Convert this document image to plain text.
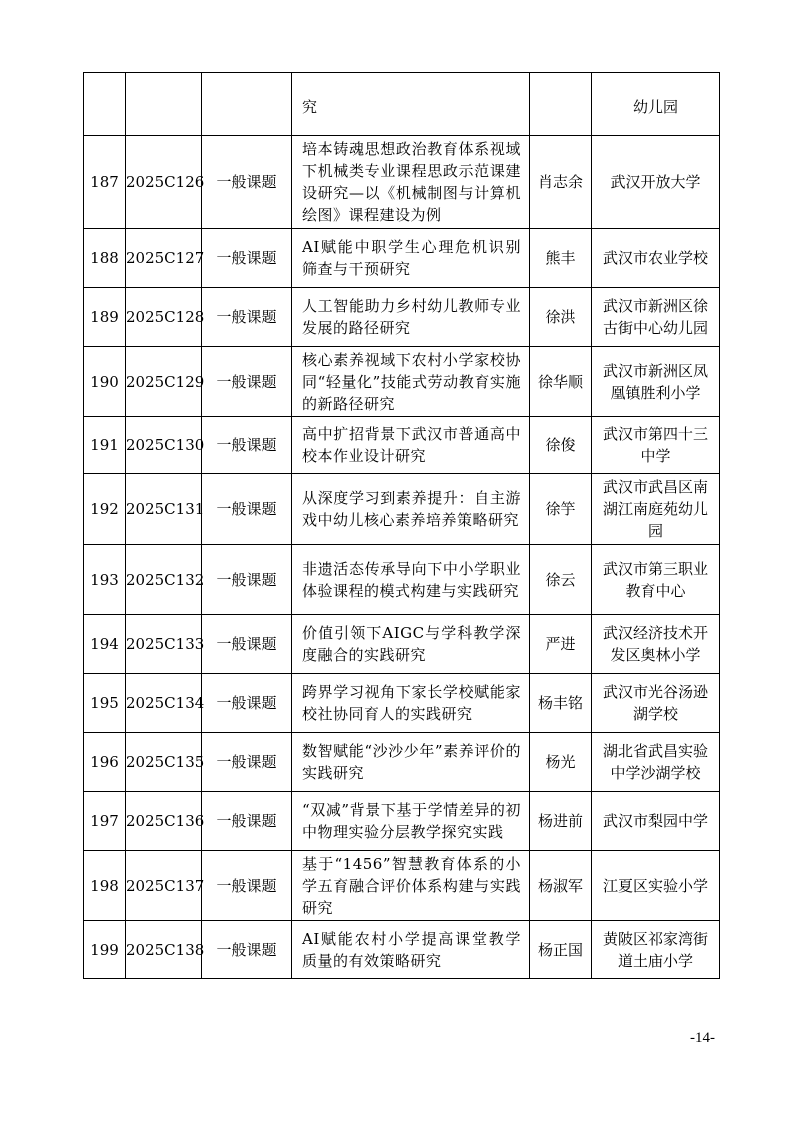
			究		幼儿园
187	2025C126	一般课题	培本铸魂思想政治教育体系视域下机械类专业课程思政示范课建设研究—以《机械制图与计算机绘图》课程建设为例	肖志余	武汉开放大学
188	2025C127	一般课题	AI赋能中职学生心理危机识别筛查与干预研究	熊丰	武汉市农业学校
189	2025C128	一般课题	人工智能助力乡村幼儿教师专业发展的路径研究	徐洪	武汉市新洲区徐古街中心幼儿园
190	2025C129	一般课题	核心素养视域下农村小学家校协同“轻量化”技能式劳动教育实施的新路径研究	徐华顺	武汉市新洲区凤凰镇胜利小学
191	2025C130	一般课题	高中扩招背景下武汉市普通高中校本作业设计研究	徐俊	武汉市第四十三中学
192	2025C131	一般课题	从深度学习到素养提升：自主游戏中幼儿核心素养培养策略研究	徐竽	武汉市武昌区南湖江南庭苑幼儿园
193	2025C132	一般课题	非遗活态传承导向下中小学职业体验课程的模式构建与实践研究	徐云	武汉市第三职业教育中心
194	2025C133	一般课题	价值引领下AIGC与学科教学深度融合的实践研究	严进	武汉经济技术开发区奥林小学
195	2025C134	一般课题	跨界学习视角下家长学校赋能家校社协同育人的实践研究	杨丰铭	武汉市光谷汤逊湖学校
196	2025C135	一般课题	数智赋能“沙沙少年”素养评价的实践研究	杨光	湖北省武昌实验中学沙湖学校
197	2025C136	一般课题	“双减”背景下基于学情差异的初中物理实验分层教学探究实践	杨进前	武汉市梨园中学
198	2025C137	一般课题	基于“1456”智慧教育体系的小学五育融合评价体系构建与实践研究	杨淑军	江夏区实验小学
199	2025C138	一般课题	AI赋能农村小学提高课堂教学质量的有效策略研究	杨正国	黄陂区祁家湾街道土庙小学
-14-
